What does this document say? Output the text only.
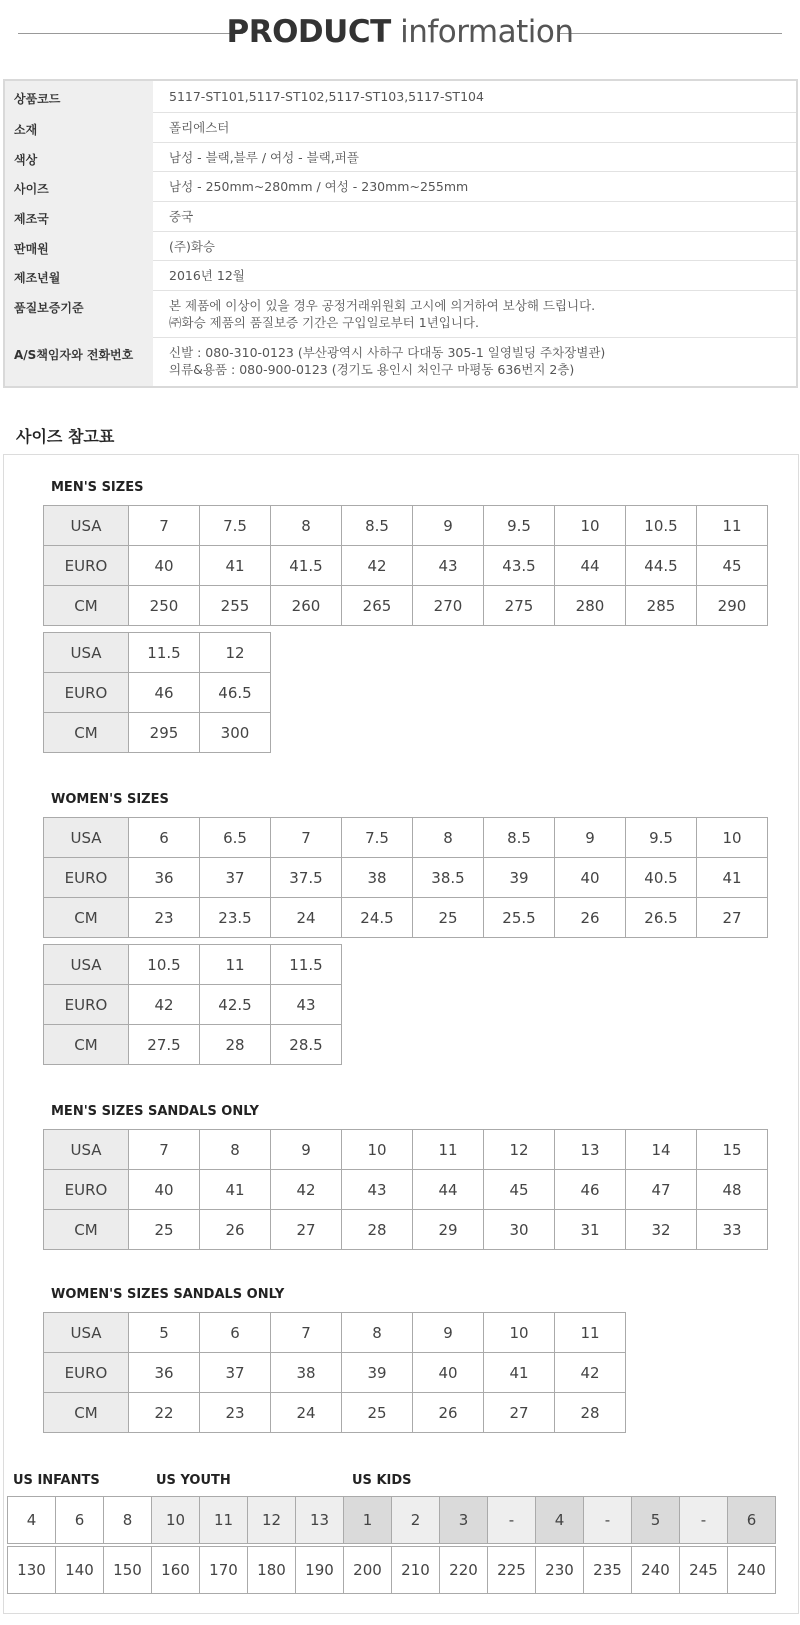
PRODUCT information
상품코드	5117-ST101,5117-ST102,5117-ST103,5117-ST104
소재	폴리에스터
색상	남성 - 블랙,블루 / 여성 - 블랙,퍼플
사이즈	남성 - 250mm~280mm / 여성 - 230mm~255mm
제조국	중국
판매원	(주)화승
제조년월	2016년 12월
품질보증기준	본 제품에 이상이 있을 경우 공정거래위원회 고시에 의거하여 보상해 드립니다.
㈜화승 제품의 품질보증 기간은 구입일로부터 1년입니다.
A/S책임자와 전화번호	신발 : 080-310-0123 (부산광역시 사하구 다대동 305-1 일영빌딩 주차장별관)
의류&용품 : 080-900-0123 (경기도 용인시 처인구 마평동 636번지 2층)
사이즈 참고표
MEN'S SIZES
USA	7	7.5	8	8.5	9	9.5	10	10.5	11
EURO	40	41	41.5	42	43	43.5	44	44.5	45
CM	250	255	260	265	270	275	280	285	290
USA	11.5	12
EURO	46	46.5
CM	295	300
WOMEN'S SIZES
USA	6	6.5	7	7.5	8	8.5	9	9.5	10
EURO	36	37	37.5	38	38.5	39	40	40.5	41
CM	23	23.5	24	24.5	25	25.5	26	26.5	27
USA	10.5	11	11.5
EURO	42	42.5	43
CM	27.5	28	28.5
MEN'S SIZES SANDALS ONLY
USA	7	8	9	10	11	12	13	14	15
EURO	40	41	42	43	44	45	46	47	48
CM	25	26	27	28	29	30	31	32	33
WOMEN'S SIZES SANDALS ONLY
USA	5	6	7	8	9	10	11
EURO	36	37	38	39	40	41	42
CM	22	23	24	25	26	27	28
US INFANTS	US YOUTH	US KIDS
4	6	8	10	11	12	13	1	2	3	-	4	-	5	-	6
130	140	150	160	170	180	190	200	210	220	225	230	235	240	245	240
